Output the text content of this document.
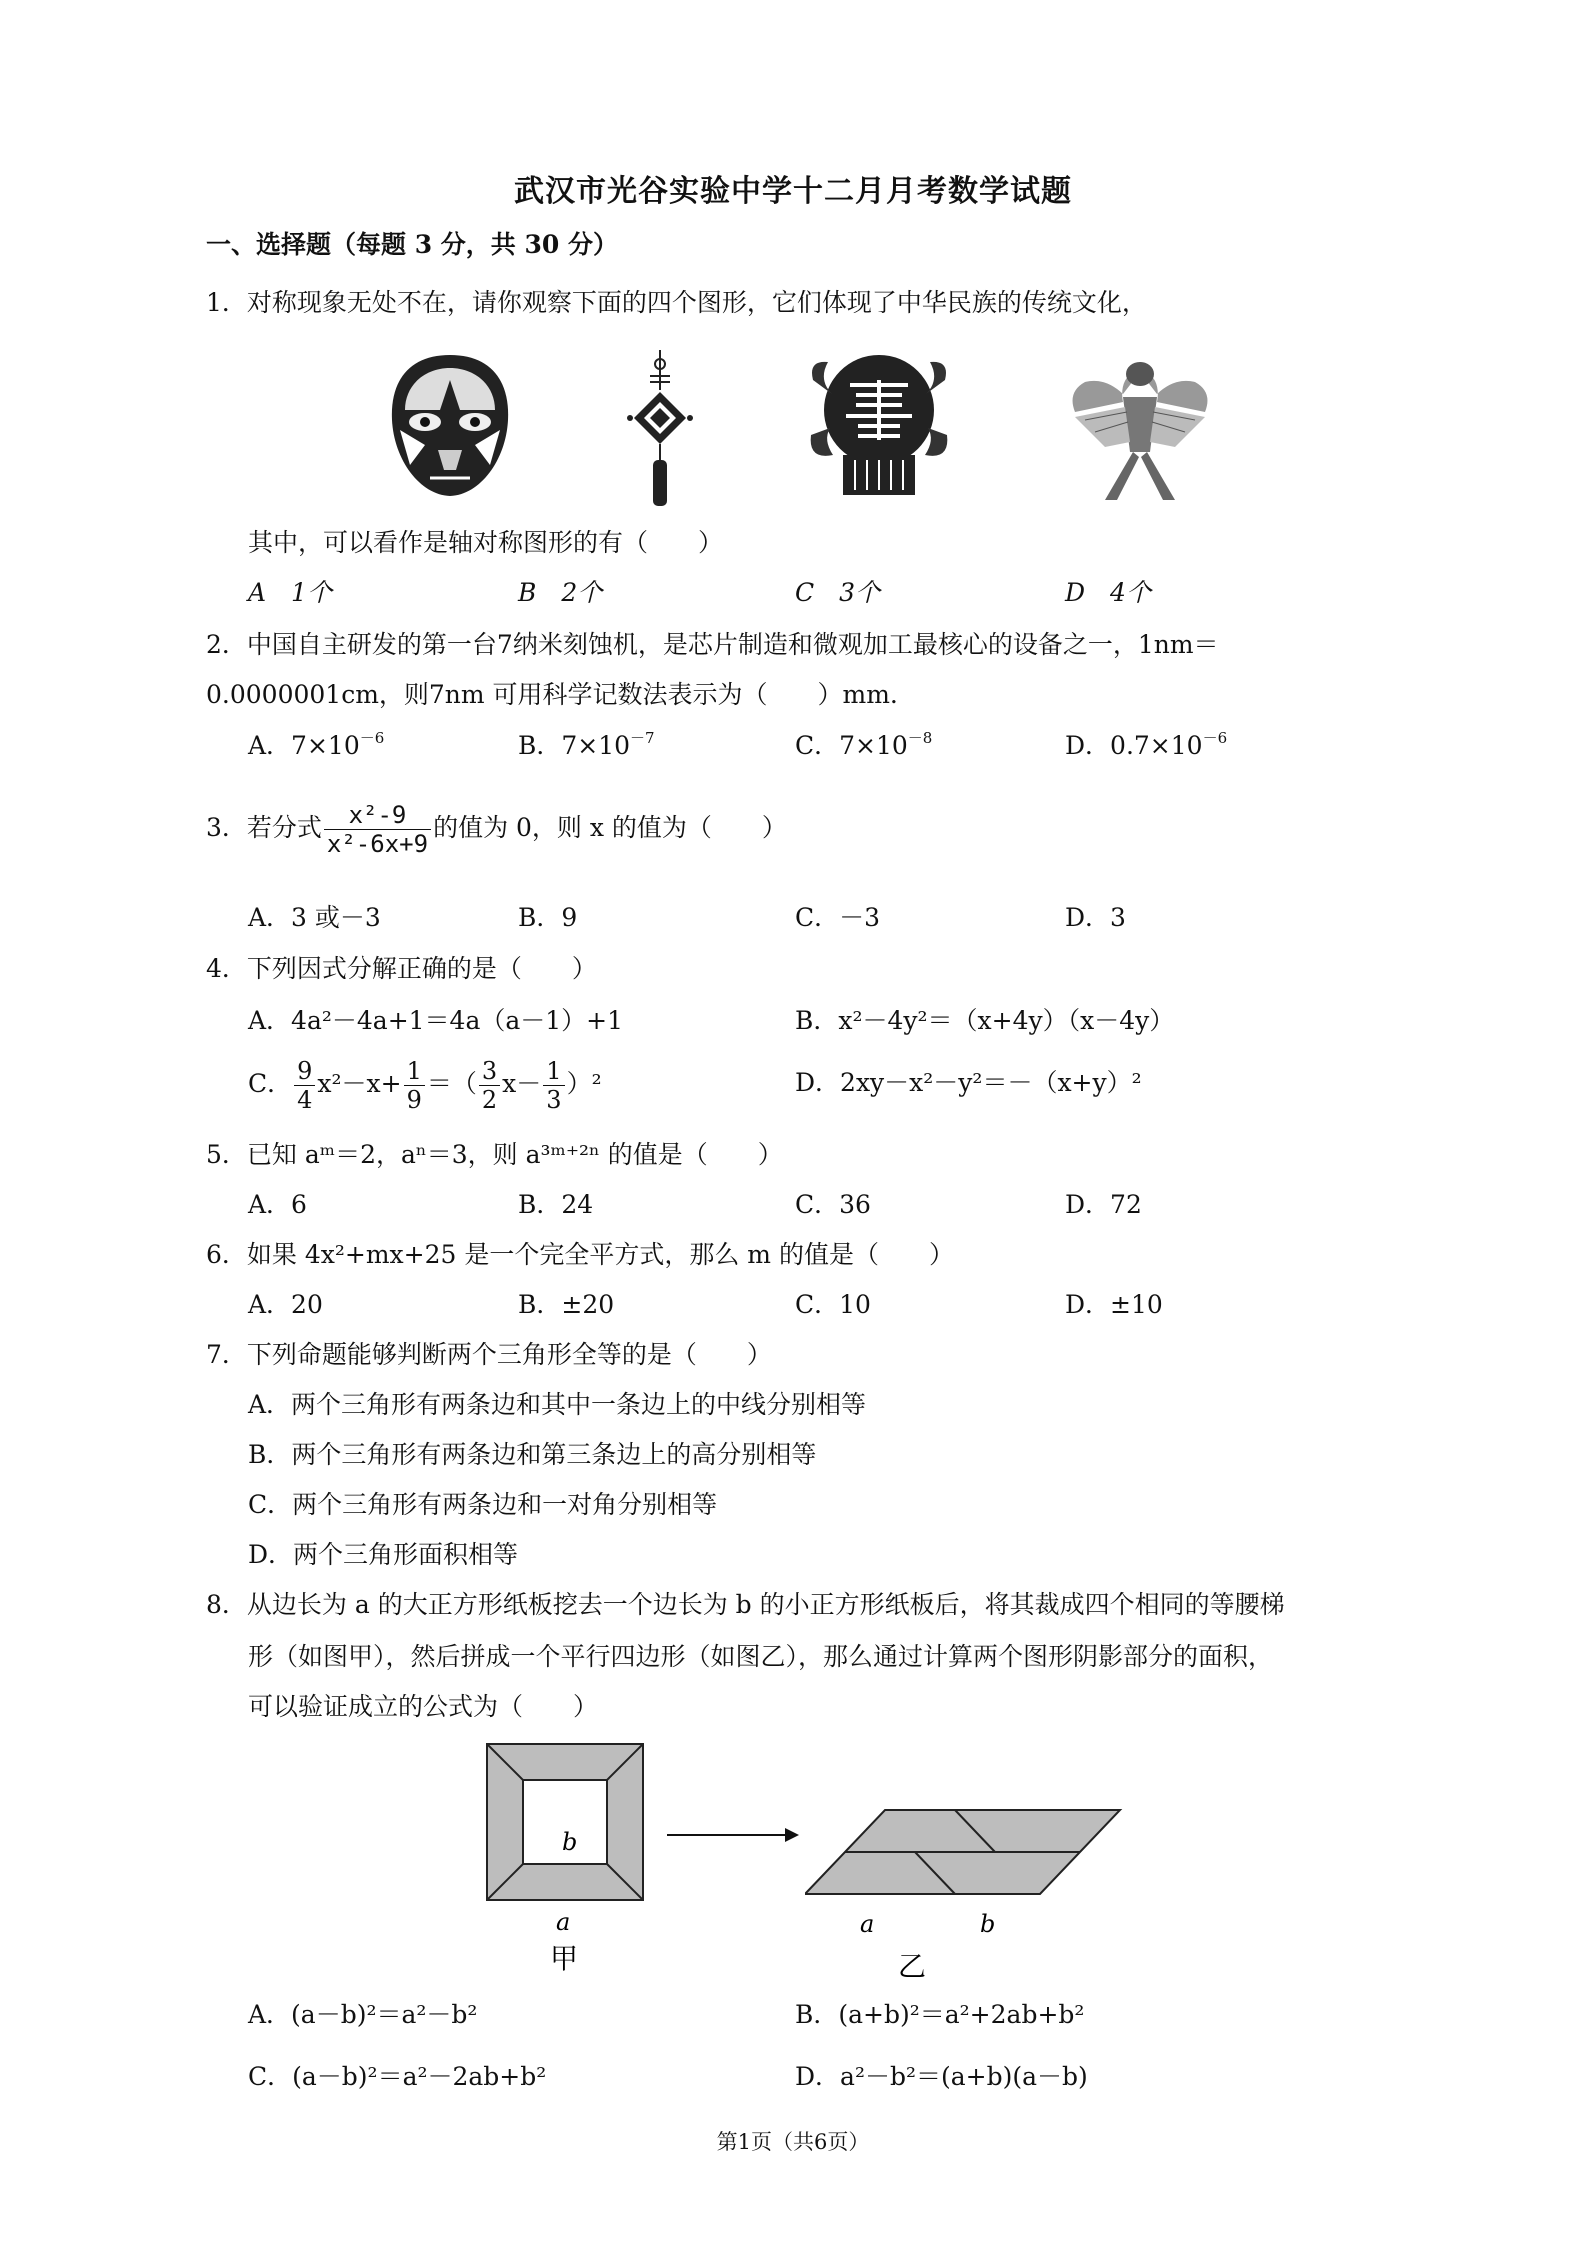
武汉市光谷实验中学十二月月考数学试题
一、选择题（每题 3 分，共 30 分）
1．对称现象无处不在，请你观察下面的四个图形，它们体现了中华民族的传统文化，
其中，可以看作是轴对称图形的有（　　）
A　1个	B　2个	C　3个	D　4个
2．中国自主研发的第一台7纳米刻蚀机，是芯片制造和微观加工最核心的设备之一，1nm＝
0.0000001cm，则7nm 可用科学记数法表示为（　　）mm．
A．$7\times 10^{-6}$	B．$7\times 10^{-7}$	C．$7\times 10^{-8}$	D．$0.7\times 10^{-6}$
3．若分式 $\frac{\text{x²-9}}{\text{x²-6x+9}}$ 的值为 0，则 x 的值为（　　）
A．3 或－3	B．9	C．－3	D．3
4．下列因式分解正确的是（　　）
A．4a²－4a+1＝4a（a－1）+1	B．x²－4y²＝（x+4y）（x－4y）
C． $\frac{9}{4} x^2-x+ \frac{1}{9}$ ＝（ $\frac{3}{2} x- \frac{1}{3} )^2$	D．2xy－x²－y²＝－（x+y）²
5．已知 aᵐ＝2，aⁿ＝3，则 a³ᵐ⁺²ⁿ 的值是（　　）
A．6	B．24	C．36	D．72
6．如果 4x²+mx+25 是一个完全平方式，那么 m 的值是（　　）
A．20	B．±20	C．10	D．±10
7．下列命题能够判断两个三角形全等的是（　　）
A．两个三角形有两条边和其中一条边上的中线分别相等
B．两个三角形有两条边和第三条边上的高分别相等
C．两个三角形有两条边和一对角分别相等
D．两个三角形面积相等
8．从边长为 a 的大正方形纸板挖去一个边长为 b 的小正方形纸板后，将其裁成四个相同的等腰梯
形（如图甲），然后拼成一个平行四边形（如图乙），那么通过计算两个图形阴影部分的面积，
可以验证成立的公式为（　　）
b
a
甲
a	b
乙
A．(a－b)²＝a²－b²	B．(a+b)²＝a²+2ab+b²
C．(a－b)²＝a²－2ab+b²	D．a²－b²＝(a+b)(a－b)
第1页（共6页）
